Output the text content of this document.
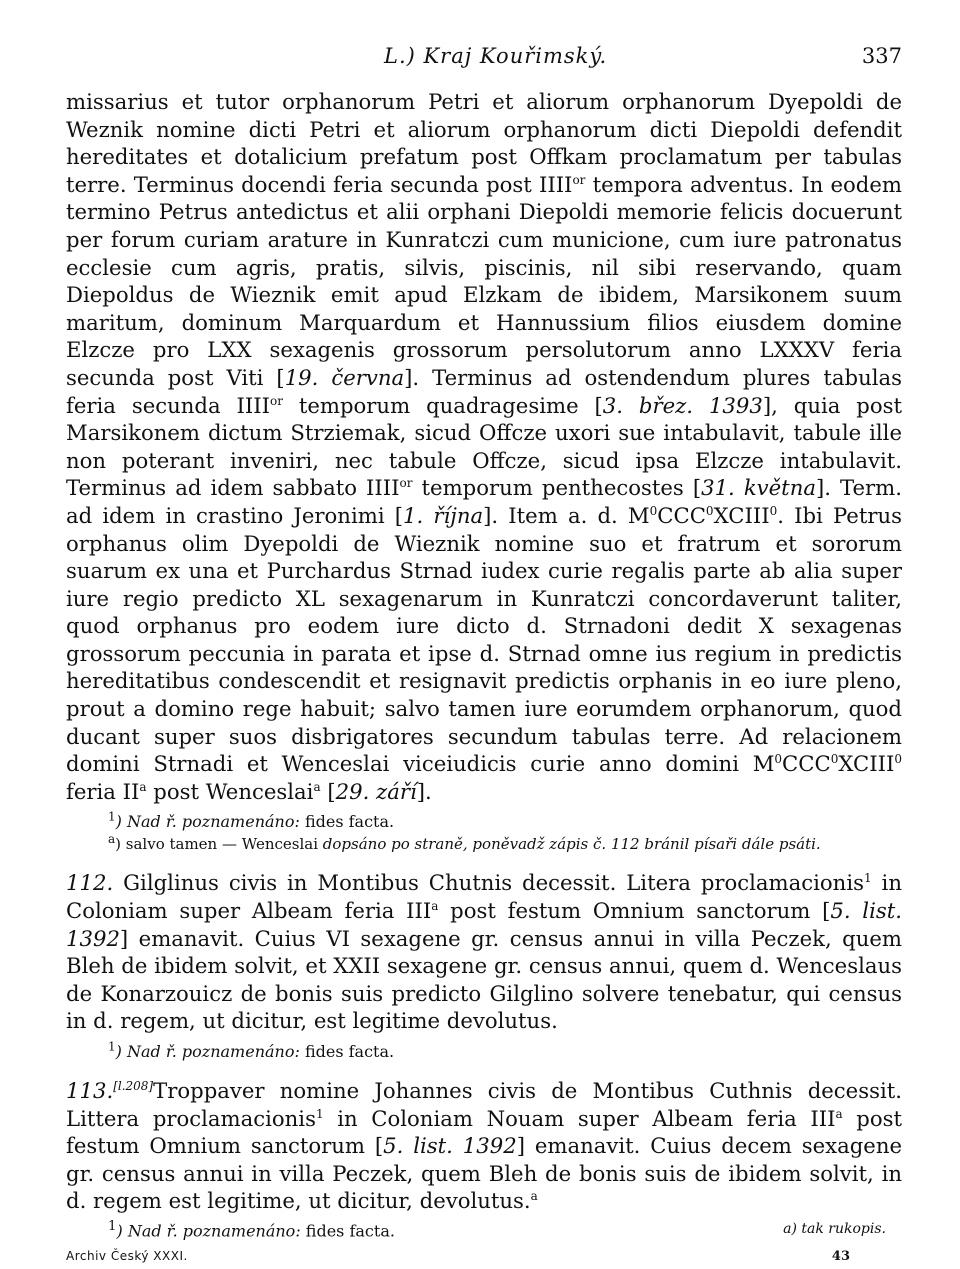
L.) Kraj Kouřimský.	337

missarius et tutor orphanorum Petri et aliorum orphanorum Dyepoldi de Weznik nomine dicti Petri et aliorum orphanorum dicti Diepoldi defendit hereditates et dotalicium prefatum post Offkam proclamatum per tabulas terre. Terminus docendi feria secunda post $IIII^{or}$ tempora adventus. In eodem termino Petrus antedictus et alii orphani Diepoldi memorie felicis docuerunt per forum curiam arature in Kunratczi cum municione, cum iure patronatus ecclesie cum agris, pratis, silvis, piscinis, nil sibi reservando, quam Diepoldus de Wieznik emit apud Elzkam de ibidem, Marsikonem suum maritum, dominum Marquardum et Hannussium filios eiusdem domine Elzcze pro LXX sexagenis grossorum persolutorum anno LXXXV feria secunda post Viti [19. června]. Terminus ad ostendendum plures tabulas feria secunda $IIII^{or}$ temporum quadragesime [3. břez. 1393], quia post Marsikonem dictum Strziemak, sicud Offcze uxori sue intabulavit, tabule ille non poterant inveniri, nec tabule Offcze, sicud ipsa Elzcze intabulavit. Terminus ad idem sabbato $IIII^{or}$ temporum penthecostes [31. května]. Term. ad idem in crastino Jeronimi [1. října]. Item a. d. $M^0CCC^0XCIII^0$. Ibi Petrus orphanus olim Dyepoldi de Wieznik nomine suo et fratrum et sororum suarum ex una et Purchardus Strnad iudex curie regalis parte ab alia super iure regio predicto XL sexagenarum in Kunratczi concordaverunt taliter, quod orphanus pro eodem iure dicto d. Strnadoni dedit X sexagenas grossorum peccunia in parata et ipse d. Strnad omne ius regium in predictis hereditatibus condescendit et resignavit predictis orphanis in eo iure pleno, prout a domino rege habuit; salvo tamen iure eorumdem orphanorum, quod ducant super suos disbrigatores secundum tabulas terre. Ad relacionem domini Strnadi et Wenceslai viceiudicis curie anno domini $M^0CCC^0XCIII^0$ feria $II^a$ post Wenceslai$^a$ [29. září].

$^1$) Nad ř. poznamenáno: fides facta.

$^a$) salvo tamen — Wenceslai dopsáno po straně, poněvadž zápis č. 112 bránil písaři dále psáti.

112. Gilglinus civis in Montibus Chutnis decessit. Litera proclamacionis$^1$ in Coloniam super Albeam feria III$^a$ post festum Omnium sanctorum [5. list. 1392] emanavit. Cuius VI sexagene gr. census annui in villa Peczek, quem Bleh de ibidem solvit, et XXII sexagene gr. census annui, quem d. Wenceslaus de Konarzouicz de bonis suis predicto Gilglino solvere tenebatur, qui census in d. regem, ut dicitur, est legitime devolutus.

$^1$) Nad ř. poznamenáno: fides facta.

113.[l.208]Troppaver nomine Johannes civis de Montibus Cuthnis decessit. Littera proclamacionis$^1$ in Coloniam Nouam super Albeam feria III$^a$ post festum Omnium sanctorum [5. list. 1392] emanavit. Cuius decem sexagene gr. census annui in villa Peczek, quem Bleh de bonis suis de ibidem solvit, in d. regem est legitime, ut dicitur, devolutus.$^a$

$^1$) Nad ř. poznamenáno: fides facta.	a) tak rukopis.
Archiv Český XXXI.	43
